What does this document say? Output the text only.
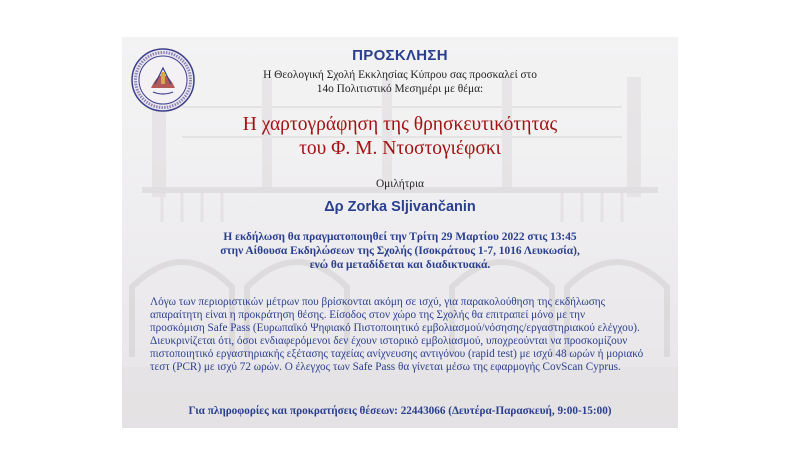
ΠΡΟΣΚΛΗΣΗ
Η Θεολογική Σχολή Εκκλησίας Κύπρου σας προσκαλεί στο
14ο Πολιτιστικό Μεσημέρι με θέμα:
Η χαρτογράφηση της θρησκευτικότητας
του Φ. Μ. Ντοστογιέφσκι
Ομιλήτρια
Δρ Zorka Sljivančanin
Η εκδήλωση θα πραγματοποιηθεί την Τρίτη 29 Μαρτίου 2022 στις 13:45
στην Αίθουσα Εκδηλώσεων της Σχολής (Ισοκράτους 1-7, 1016 Λευκωσία),
ενώ θα μεταδίδεται και διαδικτυακά.
Λόγω των περιοριστικών μέτρων που βρίσκονται ακόμη σε ισχύ, για παρακολούθηση της εκδήλωσης
απαραίτητη είναι η προκράτηση θέσης. Είσοδος στον χώρο της Σχολής θα επιτραπεί μόνο με την
προσκόμιση Safe Pass (Ευρωπαϊκό Ψηφιακό Πιστοποιητικό εμβολιασμού/νόσησης/εργαστηριακού ελέγχου).
Διευκρινίζεται ότι, όσοι ενδιαφερόμενοι δεν έχουν ιστορικό εμβολιασμού, υποχρεούνται να προσκομίζουν
πιστοποιητικό εργαστηριακής εξέτασης ταχείας ανίχνευσης αντιγόνου (rapid test) με ισχύ 48 ωρών ή μοριακό
τεστ (PCR) με ισχύ 72 ωρών. Ο έλεγχος των Safe Pass θα γίνεται μέσω της εφαρμογής CovScan Cyprus.
Για πληροφορίες και προκρατήσεις θέσεων: 22443066 (Δευτέρα-Παρασκευή, 9:00-15:00)
